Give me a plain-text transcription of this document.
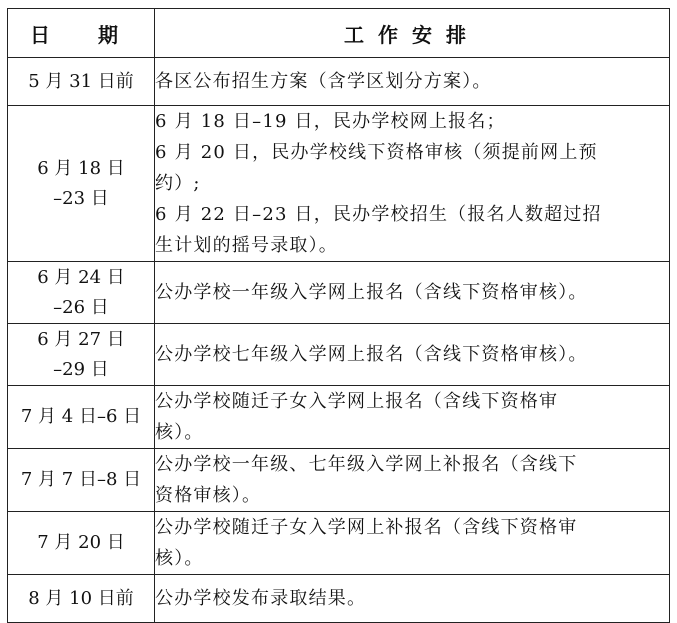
日　期	工作安排
5 月 31 日前	各区公布招生方案（含学区划分方案）。

6 月 18 日
–23 日	6 月 18 日–19 日，民办学校网上报名；
6 月 20 日，民办学校线下资格审核（须提前网上预
约）;
6 月 22 日–23 日，民办学校招生（报名人数超过招
生计划的摇号录取）。

6 月 24 日
–26 日	公办学校一年级入学网上报名（含线下资格审核）。

6 月 27 日
–29 日	公办学校七年级入学网上报名（含线下资格审核）。

7 月 4 日–6 日	公办学校随迁子女入学网上报名（含线下资格审
核）。

7 月 7 日–8 日	公办学校一年级、七年级入学网上补报名（含线下
资格审核）。

7 月 20 日	公办学校随迁子女入学网上补报名（含线下资格审
核）。

8 月 10 日前	公办学校发布录取结果。
